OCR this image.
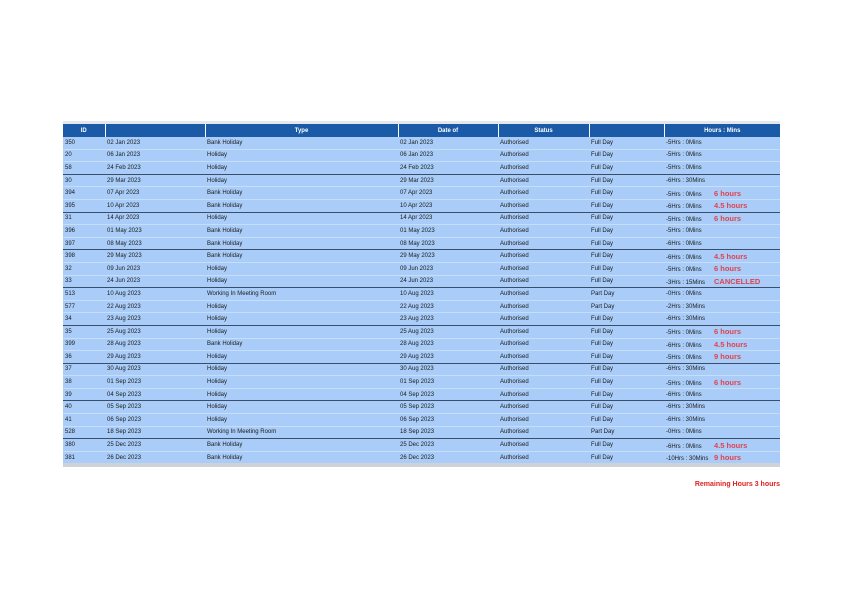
ID		Type	Date of	Status		Hours : Mins
350	02 Jan 2023	Bank Holiday	02 Jan 2023	Authorised	Full Day	-5Hrs : 0Mins
20	06 Jan 2023	Holiday	06 Jan 2023	Authorised	Full Day	-5Hrs : 0Mins
58	24 Feb 2023	Holiday	24 Feb 2023	Authorised	Full Day	-5Hrs : 0Mins
30	29 Mar 2023	Holiday	29 Mar 2023	Authorised	Full Day	-6Hrs : 30Mins
394	07 Apr 2023	Bank Holiday	07 Apr 2023	Authorised	Full Day	-5Hrs : 0Mins 6 hours
395	10 Apr 2023	Bank Holiday	10 Apr 2023	Authorised	Full Day	-6Hrs : 0Mins 4.5 hours
31	14 Apr 2023	Holiday	14 Apr 2023	Authorised	Full Day	-5Hrs : 0Mins 6 hours
396	01 May 2023	Bank Holiday	01 May 2023	Authorised	Full Day	-5Hrs : 0Mins
397	08 May 2023	Bank Holiday	08 May 2023	Authorised	Full Day	-6Hrs : 0Mins
398	29 May 2023	Bank Holiday	29 May 2023	Authorised	Full Day	-6Hrs : 0Mins 4.5 hours
32	09 Jun 2023	Holiday	09 Jun 2023	Authorised	Full Day	-5Hrs : 0Mins 6 hours
33	24 Jun 2023	Holiday	24 Jun 2023	Authorised	Full Day	-3Hrs : 15Mins CANCELLED
513	10 Aug 2023	Working In Meeting Room	10 Aug 2023	Authorised	Part Day	-0Hrs : 0Mins
577	22 Aug 2023	Holiday	22 Aug 2023	Authorised	Part Day	-2Hrs : 30Mins
34	23 Aug 2023	Holiday	23 Aug 2023	Authorised	Full Day	-6Hrs : 30Mins
35	25 Aug 2023	Holiday	25 Aug 2023	Authorised	Full Day	-5Hrs : 0Mins 6 hours
399	28 Aug 2023	Bank Holiday	28 Aug 2023	Authorised	Full Day	-6Hrs : 0Mins 4.5 hours
36	29 Aug 2023	Holiday	29 Aug 2023	Authorised	Full Day	-5Hrs : 0Mins 9 hours
37	30 Aug 2023	Holiday	30 Aug 2023	Authorised	Full Day	-6Hrs : 30Mins
38	01 Sep 2023	Holiday	01 Sep 2023	Authorised	Full Day	-5Hrs : 0Mins 6 hours
39	04 Sep 2023	Holiday	04 Sep 2023	Authorised	Full Day	-6Hrs : 0Mins
40	05 Sep 2023	Holiday	05 Sep 2023	Authorised	Full Day	-6Hrs : 30Mins
41	06 Sep 2023	Holiday	06 Sep 2023	Authorised	Full Day	-6Hrs : 30Mins
528	18 Sep 2023	Working In Meeting Room	18 Sep 2023	Authorised	Part Day	-0Hrs : 0Mins
380	25 Dec 2023	Bank Holiday	25 Dec 2023	Authorised	Full Day	-6Hrs : 0Mins 4.5 hours
381	26 Dec 2023	Bank Holiday	26 Dec 2023	Authorised	Full Day	-10Hrs : 30Mins 9 hours
Remaining Hours 3 hours
